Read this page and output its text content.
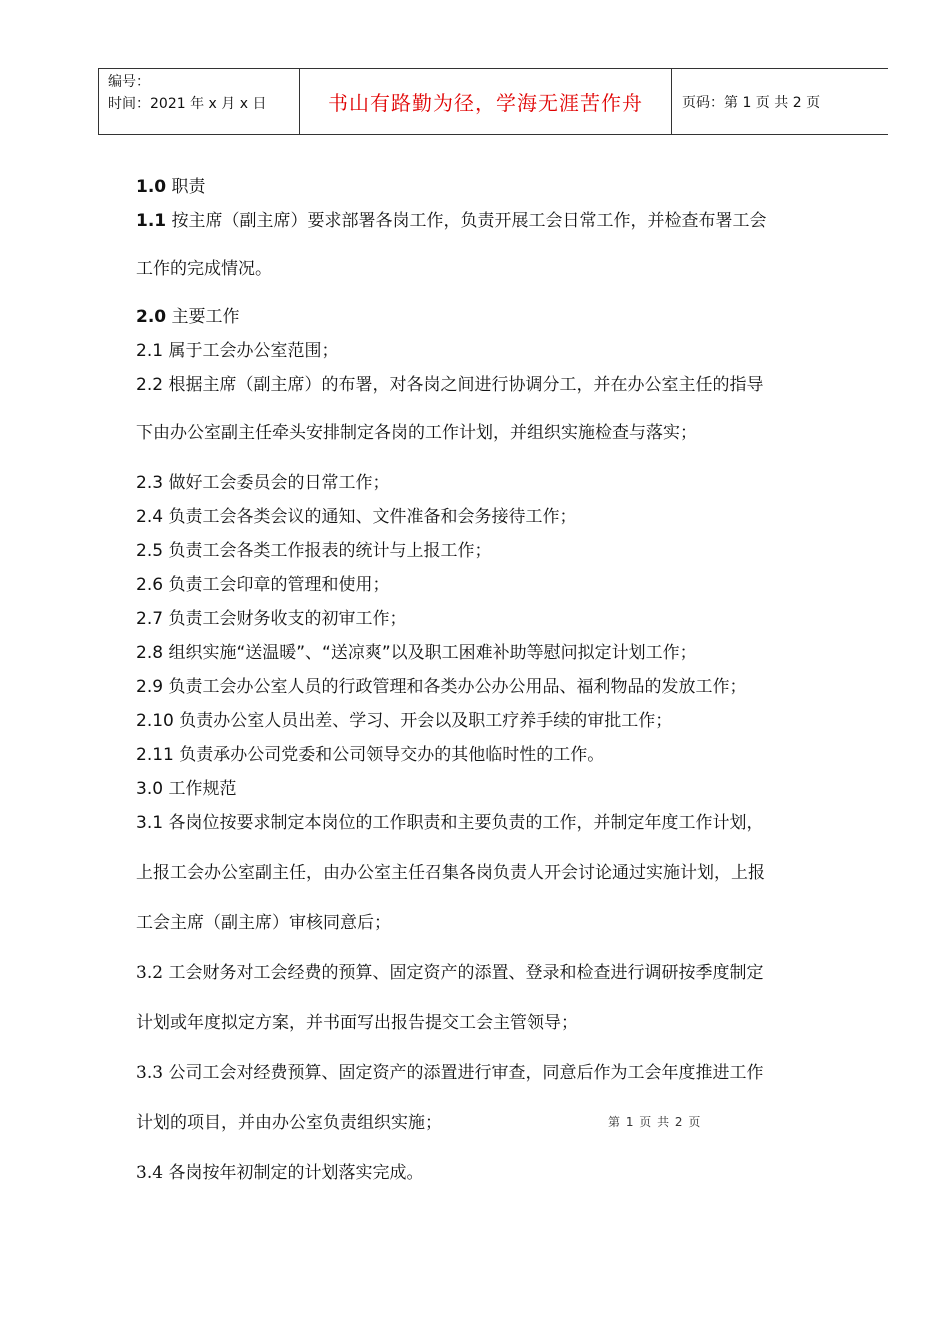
编号：
时间：2021 年 x 月 x 日	书山有路勤为径，学海无涯苦作舟	页码：第 1 页 共 2 页
1.0 职责
1.1 按主席（副主席）要求部署各岗工作，负责开展工会日常工作，并检查布署工会
工作的完成情况。
2.0 主要工作
2.1 属于工会办公室范围；
2.2 根据主席（副主席）的布署，对各岗之间进行协调分工，并在办公室主任的指导
下由办公室副主任牵头安排制定各岗的工作计划，并组织实施检查与落实；
2.3 做好工会委员会的日常工作；
2.4 负责工会各类会议的通知、文件准备和会务接待工作；
2.5 负责工会各类工作报表的统计与上报工作；
2.6 负责工会印章的管理和使用；
2.7 负责工会财务收支的初审工作；
2.8 组织实施“送温暖”、“送凉爽”以及职工困难补助等慰问拟定计划工作；
2.9 负责工会办公室人员的行政管理和各类办公办公用品、福利物品的发放工作；
2.10 负责办公室人员出差、学习、开会以及职工疗养手续的审批工作；
2.11 负责承办公司党委和公司领导交办的其他临时性的工作。
3.0 工作规范
3.1 各岗位按要求制定本岗位的工作职责和主要负责的工作，并制定年度工作计划，
上报工会办公室副主任，由办公室主任召集各岗负责人开会讨论通过实施计划，上报
工会主席（副主席）审核同意后；
3.2 工会财务对工会经费的预算、固定资产的添置、登录和检查进行调研按季度制定
计划或年度拟定方案，并书面写出报告提交工会主管领导；
3.3 公司工会对经费预算、固定资产的添置进行审查，同意后作为工会年度推进工作
计划的项目，并由办公室负责组织实施；
3.4 各岗按年初制定的计划落实完成。
第 1 页 共 2 页
